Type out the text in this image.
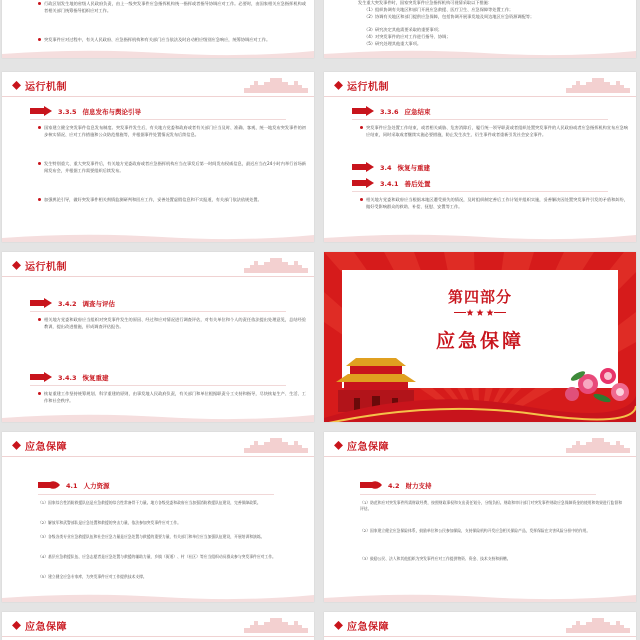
行政区划发生地的省级人民政府负责，由上一级突发事件应急指挥机构统一指挥或者指导协调应对工作。必要时，由国家相关应急指挥机构或者相关部门统筹指导组织应对工作。
突发事件应对过程中，有关人民政府、应急指挥机构和有关部门应当依法及时启动相应级别应急响应，统筹协调应对工作。
发生重大突发事件时，国家突发事件应急指挥机构可视情采取以下措施：
（1）组织协调有关地区和部门开展应急救援、医疗卫生、应急保障等处置工作；
（2）协调有关地区和部门提供应急保障，包括协调开展事发地及周边地区应急资源调配等；
（3）研究决定其他需要采取的重要事项；
（4）对突发事件的应对工作进行指导、协调；
（5）研究处理其他重大事项。
运行机制
3.3.5 信息发布与舆论引导
国家建立健全突发事件信息发布制度。突发事件发生后，有关地方党委和政府或者有关部门应当及时、准确、客观、统一地发布突发事件的初步核实情况、应对工作措施和公众防范措施等，并根据事件处置情况发布后续信息。
发生特别重大、重大突发事件后，有关地方党委政府或者应急指挥机构应当在事发后第一时间发布权威信息，最迟应当在24小时内举行首场新闻发布会，并根据工作需要组织后续发布。
加强舆论引导，做好突发事件相关舆情监测研判和回应工作，妥善处置虚假信息和不实报道，有关部门依法依规处置。
运行机制
3.3.6 应急结束
突发事件应急处置工作结束，或者相关威胁、危害消除后，履行统一领导职责或者组织处置突发事件的人民政府或者应急指挥机构宣布应急响应结束，同时采取或者继续实施必要措施，防止发生次生、衍生事件或者重新引发社会安全事件。
3.4 恢复与重建
3.4.1 善后处置
相关地方党委和政府应当根据本地区遭受损失的情况，及时组织制定善后工作计划并组织实施，妥善解决因处置突发事件引发的矛盾和纠纷，做好受影响群众的救助、补偿、抚慰、安置等工作。
运行机制
3.4.2 调查与评估
相关地方党委和政府应当组织对突发事件发生的原因、经过和应对情况进行调查评估，对有关单位和个人的责任依法提出处理意见，总结经验教训，提出改进措施，形成调查评估报告。
3.4.3 恢复重建
恢复重建工作坚持统筹规划、科学重建的原则，由事发地人民政府负责，有关部门和单位根据职责分工支持和指导，尽快恢复生产、生活、工作和社会秩序。
第四部分
应急保障
应急保障
4.1 人力资源
（1）国家综合性消防救援队伍是应急救援的综合性常备骨干力量。地方各级党委和政府应当加强消防救援队伍建设，完善保障政策。
（2）解放军和武警部队是应急处置和救援的突击力量，依法参加突发事件应对工作。
（3）各级各类专业应急救援队伍和社会应急力量是应急处置与救援的重要力量，有关部门和单位应当加强队伍建设，开展培训和演练。
（4）基层应急救援队伍、应急志愿者是应急处置与救援的辅助力量，乡镇（街道）、村（社区）等应当组织动员群众参与突发事件应对工作。
（5）建立健全应急专家库，为突发事件应对工作提供技术支撑。
应急保障
4.2 财力支持
（1）防范和应对突发事件所需财政经费，按照财政事权和支出责任划分，分级负担。财政和审计部门对突发事件财政应急保障资金的使用和效果进行监督和评估。
（2）国家建立健全应急保险体系，鼓励单位和公民参加保险，支持保险机构开发应急相关保险产品，发挥保险在灾害风险分担中的作用。
（3）鼓励公民、法人和其他组织为突发事件应对工作提供物资、资金、技术支持和捐赠。
应急保障	应急保障
